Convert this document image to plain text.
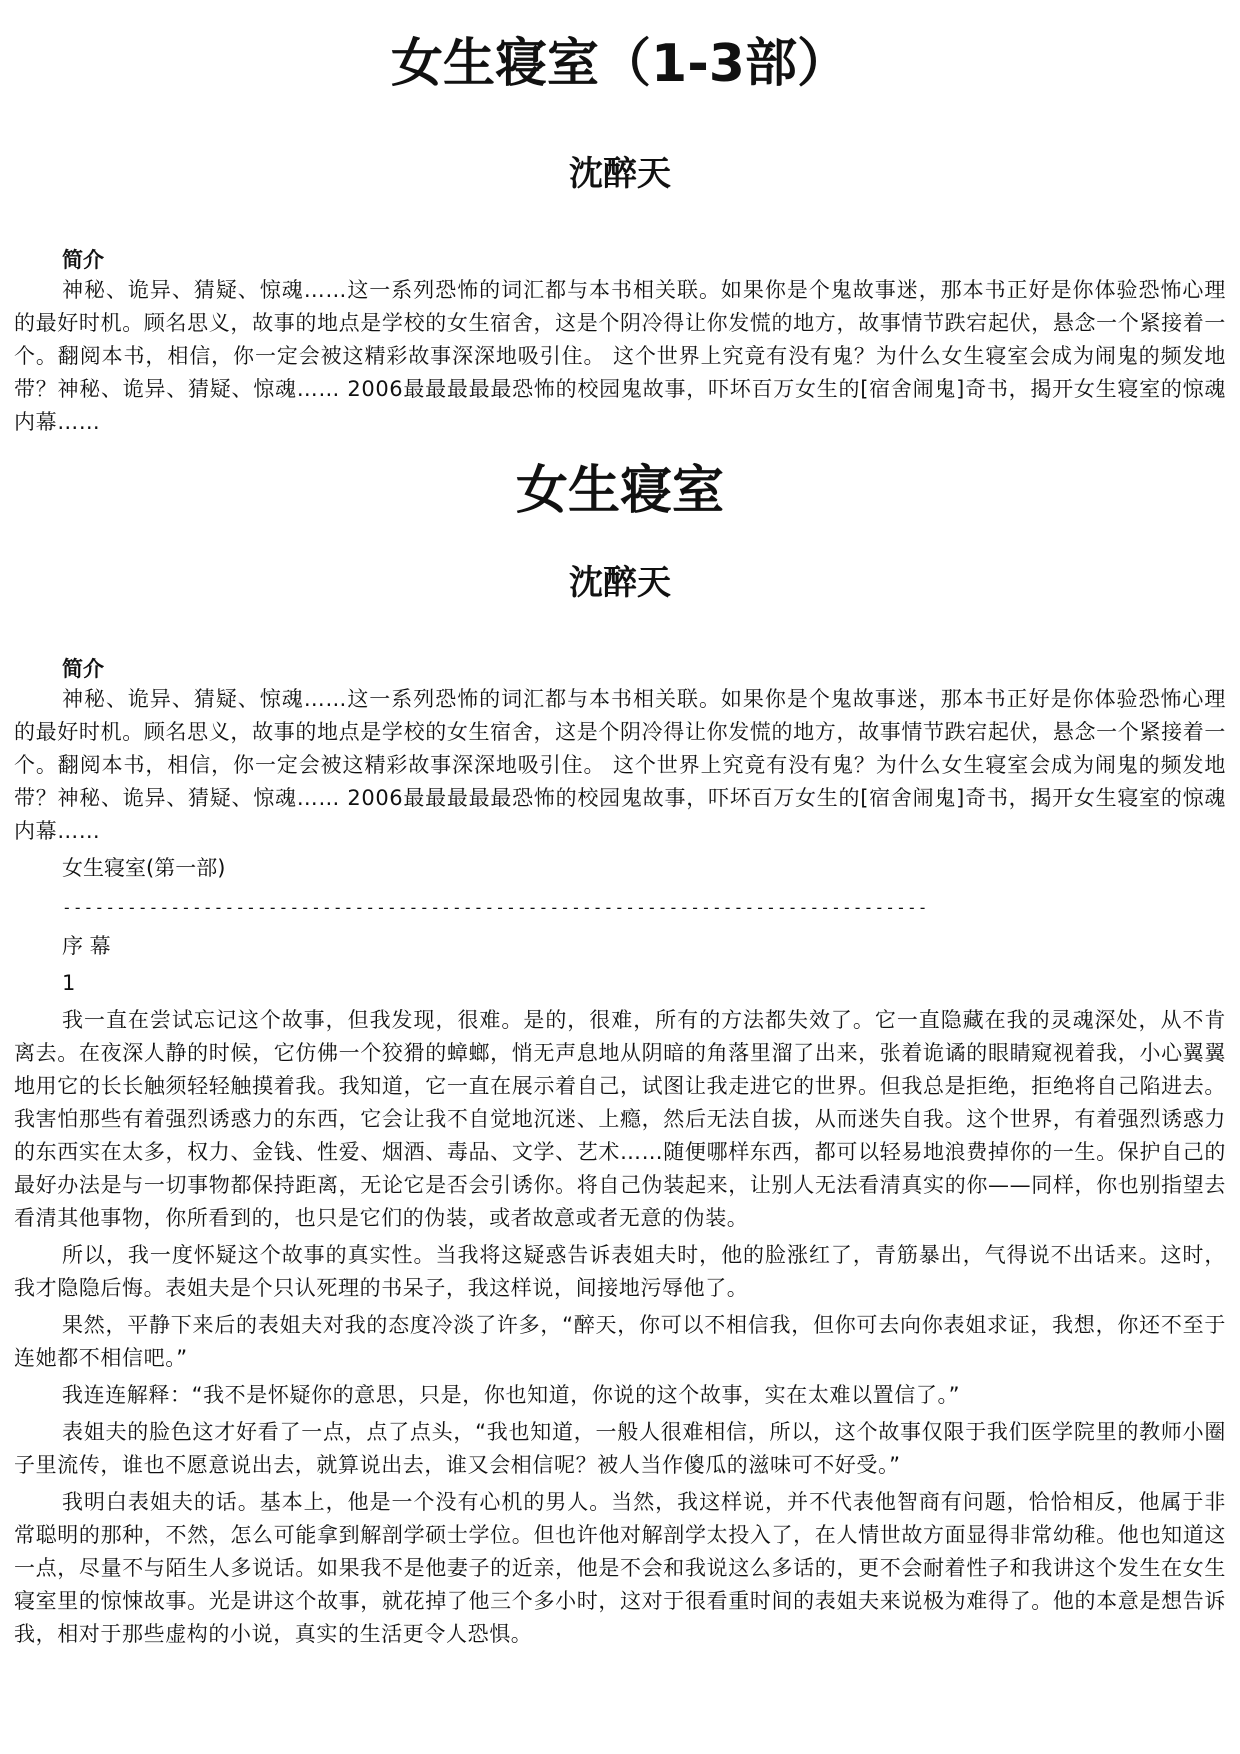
女生寝室（1-3部）
沈醉天
简介

神秘、诡异、猜疑、惊魂……这一系列恐怖的词汇都与本书相关联。如果你是个鬼故事迷，那本书正好是你体验恐怖心理的最好时机。顾名思义，故事的地点是学校的女生宿舍，这是个阴冷得让你发慌的地方，故事情节跌宕起伏，悬念一个紧接着一个。翻阅本书，相信，你一定会被这精彩故事深深地吸引住。 这个世界上究竟有没有鬼？为什么女生寝室会成为闹鬼的频发地带？神秘、诡异、猜疑、惊魂…… 2006最最最最最恐怖的校园鬼故事，吓坏百万女生的[宿舍闹鬼]奇书，揭开女生寝室的惊魂内幕……

女生寝室
沈醉天
简介

神秘、诡异、猜疑、惊魂……这一系列恐怖的词汇都与本书相关联。如果你是个鬼故事迷，那本书正好是你体验恐怖心理的最好时机。顾名思义，故事的地点是学校的女生宿舍，这是个阴冷得让你发慌的地方，故事情节跌宕起伏，悬念一个紧接着一个。翻阅本书，相信，你一定会被这精彩故事深深地吸引住。 这个世界上究竟有没有鬼？为什么女生寝室会成为闹鬼的频发地带？神秘、诡异、猜疑、惊魂…… 2006最最最最最恐怖的校园鬼故事，吓坏百万女生的[宿舍闹鬼]奇书，揭开女生寝室的惊魂内幕……

女生寝室(第一部)
--------------------------------------------------------------------------------
序 幕
1

我一直在尝试忘记这个故事，但我发现，很难。是的，很难，所有的方法都失效了。它一直隐藏在我的灵魂深处，从不肯离去。在夜深人静的时候，它仿佛一个狡猾的蟑螂，悄无声息地从阴暗的角落里溜了出来，张着诡谲的眼睛窥视着我，小心翼翼地用它的长长触须轻轻触摸着我。我知道，它一直在展示着自己，试图让我走进它的世界。但我总是拒绝，拒绝将自己陷进去。我害怕那些有着强烈诱惑力的东西，它会让我不自觉地沉迷、上瘾，然后无法自拔，从而迷失自我。这个世界，有着强烈诱惑力的东西实在太多，权力、金钱、性爱、烟酒、毒品、文学、艺术……随便哪样东西，都可以轻易地浪费掉你的一生。保护自己的最好办法是与一切事物都保持距离，无论它是否会引诱你。将自己伪装起来，让别人无法看清真实的你——同样，你也别指望去看清其他事物，你所看到的，也只是它们的伪装，或者故意或者无意的伪装。

所以，我一度怀疑这个故事的真实性。当我将这疑惑告诉表姐夫时，他的脸涨红了，青筋暴出，气得说不出话来。这时，我才隐隐后悔。表姐夫是个只认死理的书呆子，我这样说，间接地污辱他了。

果然，平静下来后的表姐夫对我的态度冷淡了许多，“醉天，你可以不相信我，但你可去向你表姐求证，我想，你还不至于连她都不相信吧。”

我连连解释：“我不是怀疑你的意思，只是，你也知道，你说的这个故事，实在太难以置信了。”

表姐夫的脸色这才好看了一点，点了点头，“我也知道，一般人很难相信，所以，这个故事仅限于我们医学院里的教师小圈子里流传，谁也不愿意说出去，就算说出去，谁又会相信呢？被人当作傻瓜的滋味可不好受。”

我明白表姐夫的话。基本上，他是一个没有心机的男人。当然，我这样说，并不代表他智商有问题，恰恰相反，他属于非常聪明的那种，不然，怎么可能拿到解剖学硕士学位。但也许他对解剖学太投入了，在人情世故方面显得非常幼稚。他也知道这一点，尽量不与陌生人多说话。如果我不是他妻子的近亲，他是不会和我说这么多话的，更不会耐着性子和我讲这个发生在女生寝室里的惊悚故事。光是讲这个故事，就花掉了他三个多小时，这对于很看重时间的表姐夫来说极为难得了。他的本意是想告诉我，相对于那些虚构的小说，真实的生活更令人恐惧。
